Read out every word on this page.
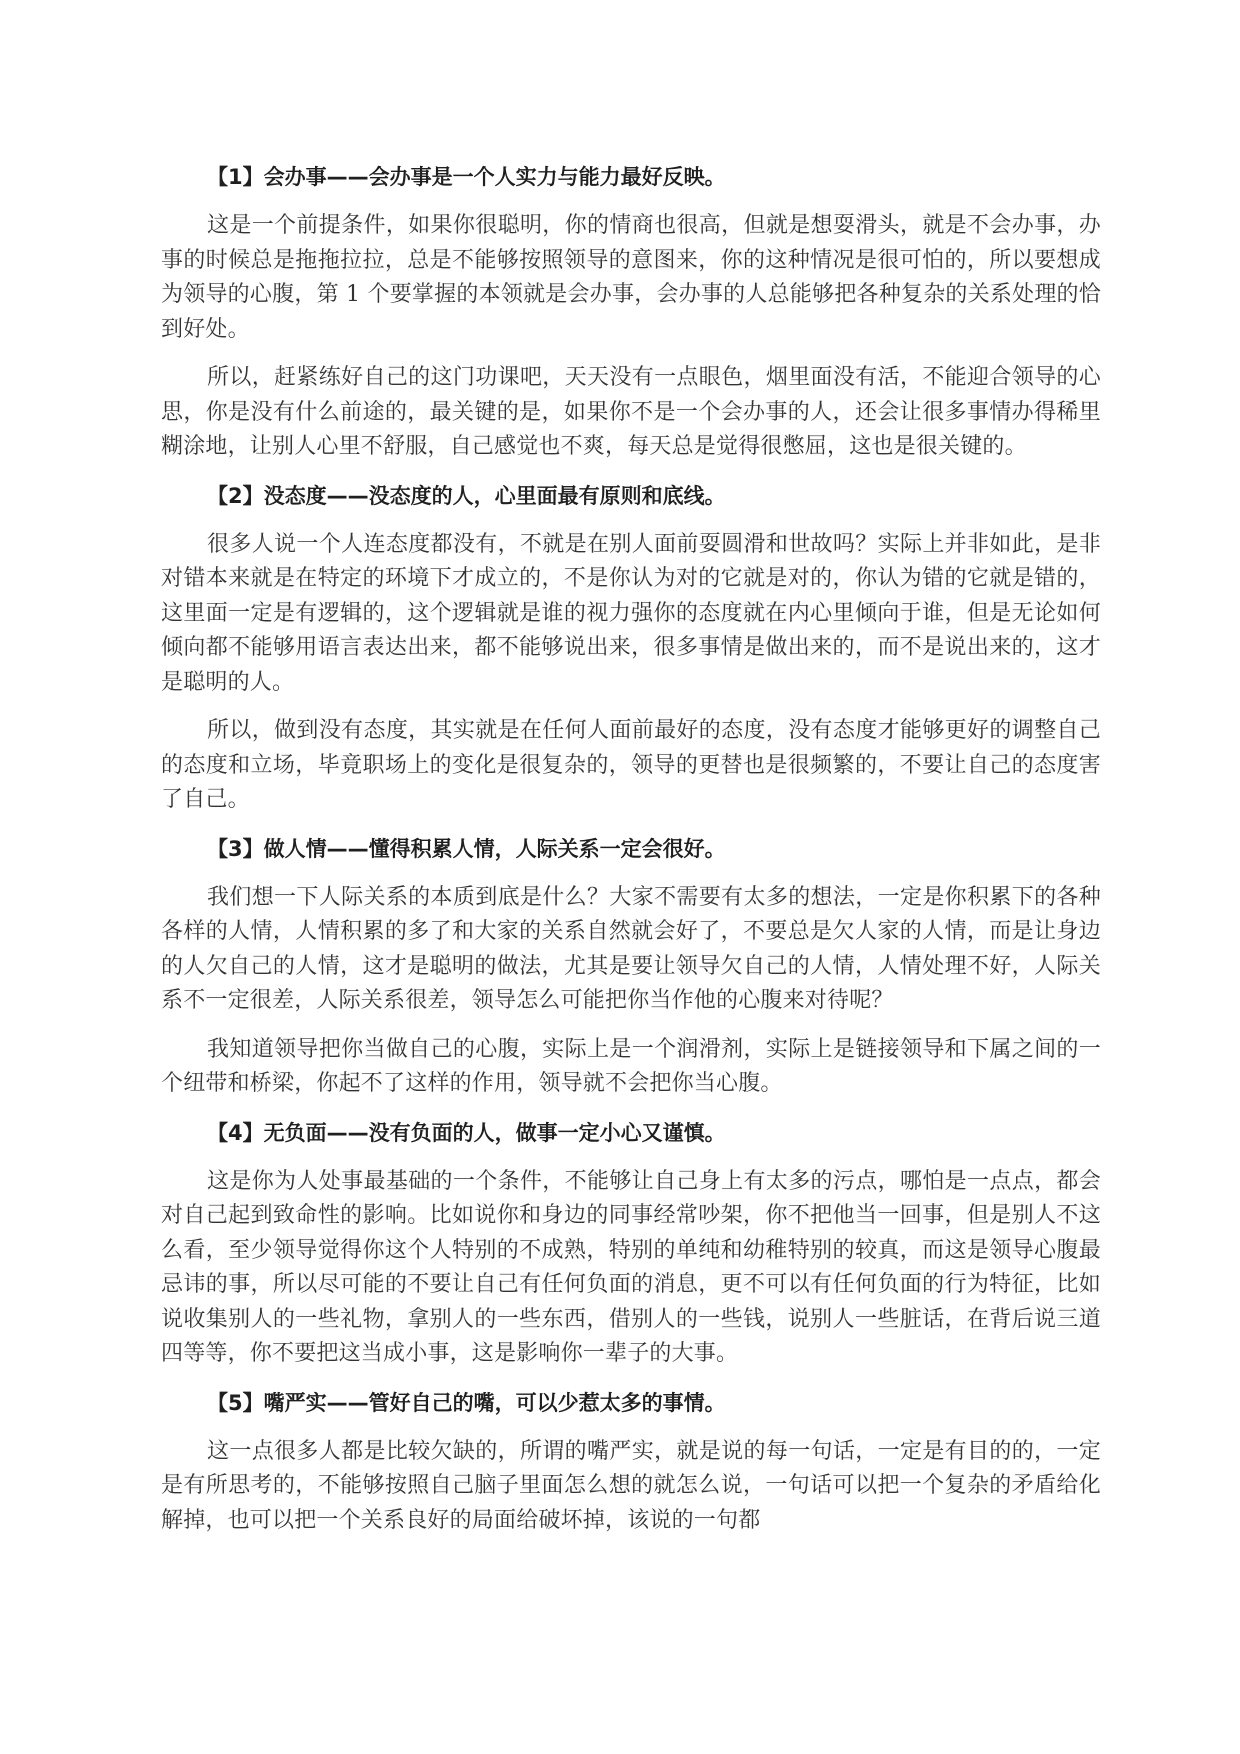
【1】会办事——会办事是一个人实力与能力最好反映。

这是一个前提条件，如果你很聪明，你的情商也很高，但就是想耍滑头，就是不会办事，办事的时候总是拖拖拉拉，总是不能够按照领导的意图来，你的这种情况是很可怕的，所以要想成为领导的心腹，第 1 个要掌握的本领就是会办事，会办事的人总能够把各种复杂的关系处理的恰到好处。

所以，赶紧练好自己的这门功课吧，天天没有一点眼色，烟里面没有活，不能迎合领导的心思，你是没有什么前途的，最关键的是，如果你不是一个会办事的人，还会让很多事情办得稀里糊涂地，让别人心里不舒服，自己感觉也不爽，每天总是觉得很憋屈，这也是很关键的。

【2】没态度——没态度的人，心里面最有原则和底线。

很多人说一个人连态度都没有，不就是在别人面前耍圆滑和世故吗？实际上并非如此，是非对错本来就是在特定的环境下才成立的，不是你认为对的它就是对的，你认为错的它就是错的，这里面一定是有逻辑的，这个逻辑就是谁的视力强你的态度就在内心里倾向于谁，但是无论如何倾向都不能够用语言表达出来，都不能够说出来，很多事情是做出来的，而不是说出来的，这才是聪明的人。

所以，做到没有态度，其实就是在任何人面前最好的态度，没有态度才能够更好的调整自己的态度和立场，毕竟职场上的变化是很复杂的，领导的更替也是很频繁的，不要让自己的态度害了自己。

【3】做人情——懂得积累人情，人际关系一定会很好。

我们想一下人际关系的本质到底是什么？大家不需要有太多的想法，一定是你积累下的各种各样的人情，人情积累的多了和大家的关系自然就会好了，不要总是欠人家的人情，而是让身边的人欠自己的人情，这才是聪明的做法，尤其是要让领导欠自己的人情，人情处理不好，人际关系不一定很差，人际关系很差，领导怎么可能把你当作他的心腹来对待呢？

我知道领导把你当做自己的心腹，实际上是一个润滑剂，实际上是链接领导和下属之间的一个纽带和桥梁，你起不了这样的作用，领导就不会把你当心腹。

【4】无负面——没有负面的人，做事一定小心又谨慎。

这是你为人处事最基础的一个条件，不能够让自己身上有太多的污点，哪怕是一点点，都会对自己起到致命性的影响。比如说你和身边的同事经常吵架，你不把他当一回事，但是别人不这么看，至少领导觉得你这个人特别的不成熟，特别的单纯和幼稚特别的较真，而这是领导心腹最忌讳的事，所以尽可能的不要让自己有任何负面的消息，更不可以有任何负面的行为特征，比如说收集别人的一些礼物，拿别人的一些东西，借别人的一些钱，说别人一些脏话，在背后说三道四等等，你不要把这当成小事，这是影响你一辈子的大事。

【5】嘴严实——管好自己的嘴，可以少惹太多的事情。

这一点很多人都是比较欠缺的，所谓的嘴严实，就是说的每一句话，一定是有目的的，一定是有所思考的，不能够按照自己脑子里面怎么想的就怎么说，一句话可以把一个复杂的矛盾给化解掉，也可以把一个关系良好的局面给破坏掉，该说的一句都
